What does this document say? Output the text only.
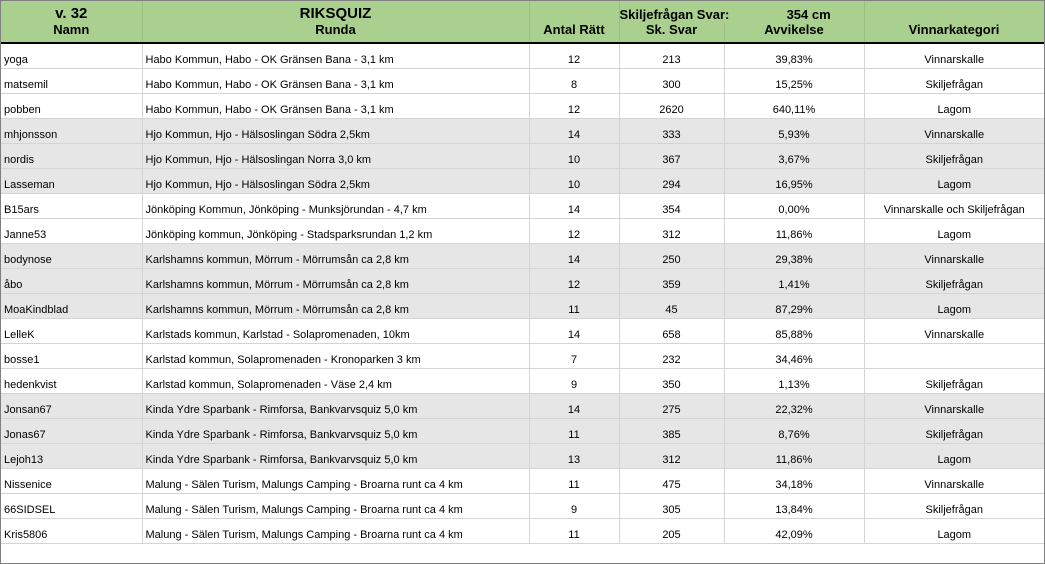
v. 32	RIKSQUIZ		Skiljefrågan Svar: 354 cm		
Namn	Runda	Antal Rätt	Sk. Svar	Avvikelse	Vinnarkategori
yoga	Habo Kommun, Habo - OK Gränsen Bana - 3,1 km	12	213	39,83%	Vinnarskalle
matsemil	Habo Kommun, Habo - OK Gränsen Bana - 3,1 km	8	300	15,25%	Skiljefrågan
pobben	Habo Kommun, Habo - OK Gränsen Bana - 3,1 km	12	2620	640,11%	Lagom
mhjonsson	Hjo Kommun, Hjo - Hälsoslingan Södra 2,5km	14	333	5,93%	Vinnarskalle
nordis	Hjo Kommun, Hjo - Hälsoslingan Norra 3,0 km	10	367	3,67%	Skiljefrågan
Lasseman	Hjo Kommun, Hjo - Hälsoslingan Södra 2,5km	10	294	16,95%	Lagom
B15ars	Jönköping Kommun, Jönköping - Munksjörundan - 4,7 km	14	354	0,00%	Vinnarskalle och Skiljefrågan
Janne53	Jönköping kommun, Jönköping - Stadsparksrundan 1,2 km	12	312	11,86%	Lagom
bodynose	Karlshamns kommun, Mörrum - Mörrumsån ca 2,8 km	14	250	29,38%	Vinnarskalle
åbo	Karlshamns kommun, Mörrum - Mörrumsån ca 2,8 km	12	359	1,41%	Skiljefrågan
MoaKindblad	Karlshamns kommun, Mörrum - Mörrumsån ca 2,8 km	11	45	87,29%	Lagom
LelleK	Karlstads kommun, Karlstad - Solapromenaden, 10km	14	658	85,88%	Vinnarskalle
bosse1	Karlstad kommun, Solapromenaden - Kronoparken 3 km	7	232	34,46%	
hedenkvist	Karlstad kommun, Solapromenaden - Väse 2,4 km	9	350	1,13%	Skiljefrågan
Jonsan67	Kinda Ydre Sparbank - Rimforsa, Bankvarvsquiz 5,0 km	14	275	22,32%	Vinnarskalle
Jonas67	Kinda Ydre Sparbank - Rimforsa, Bankvarvsquiz 5,0 km	11	385	8,76%	Skiljefrågan
Lejoh13	Kinda Ydre Sparbank - Rimforsa, Bankvarvsquiz 5,0 km	13	312	11,86%	Lagom
Nissenice	Malung - Sälen Turism, Malungs Camping - Broarna runt ca 4 km	11	475	34,18%	Vinnarskalle
66SIDSEL	Malung - Sälen Turism, Malungs Camping - Broarna runt ca 4 km	9	305	13,84%	Skiljefrågan
Kris5806	Malung - Sälen Turism, Malungs Camping - Broarna runt ca 4 km	11	205	42,09%	Lagom
